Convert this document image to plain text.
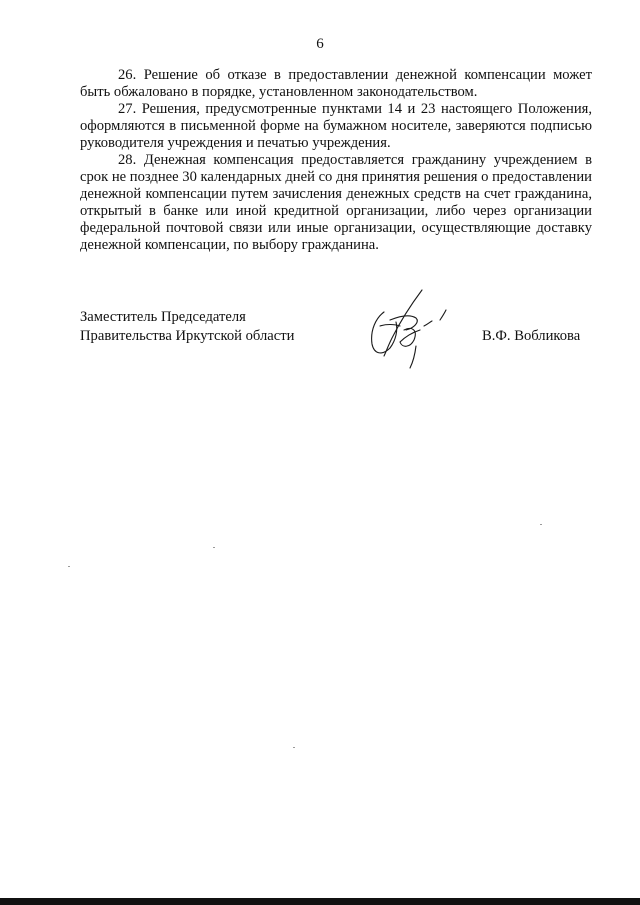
6

26. Решение об отказе в предоставлении денежной компенсации может быть обжаловано в порядке, установленном законодательством.

27. Решения, предусмотренные пунктами 14 и 23 настоящего Положения, оформляются в письменной форме на бумажном носителе, заверяются подписью руководителя учреждения и печатью учреждения.

28. Денежная компенсация предоставляется гражданину учреждением в срок не позднее 30 календарных дней со дня принятия решения о предоставлении денежной компенсации путем зачисления денежных средств на счет гражданина, открытый в банке или иной кредитной организации, либо через организации федеральной почтовой связи или иные организации, осуществляющие доставку денежной компенсации, по выбору гражданина.

Заместитель Председателя
Правительства Иркутской области	В.Ф. Вобликова
